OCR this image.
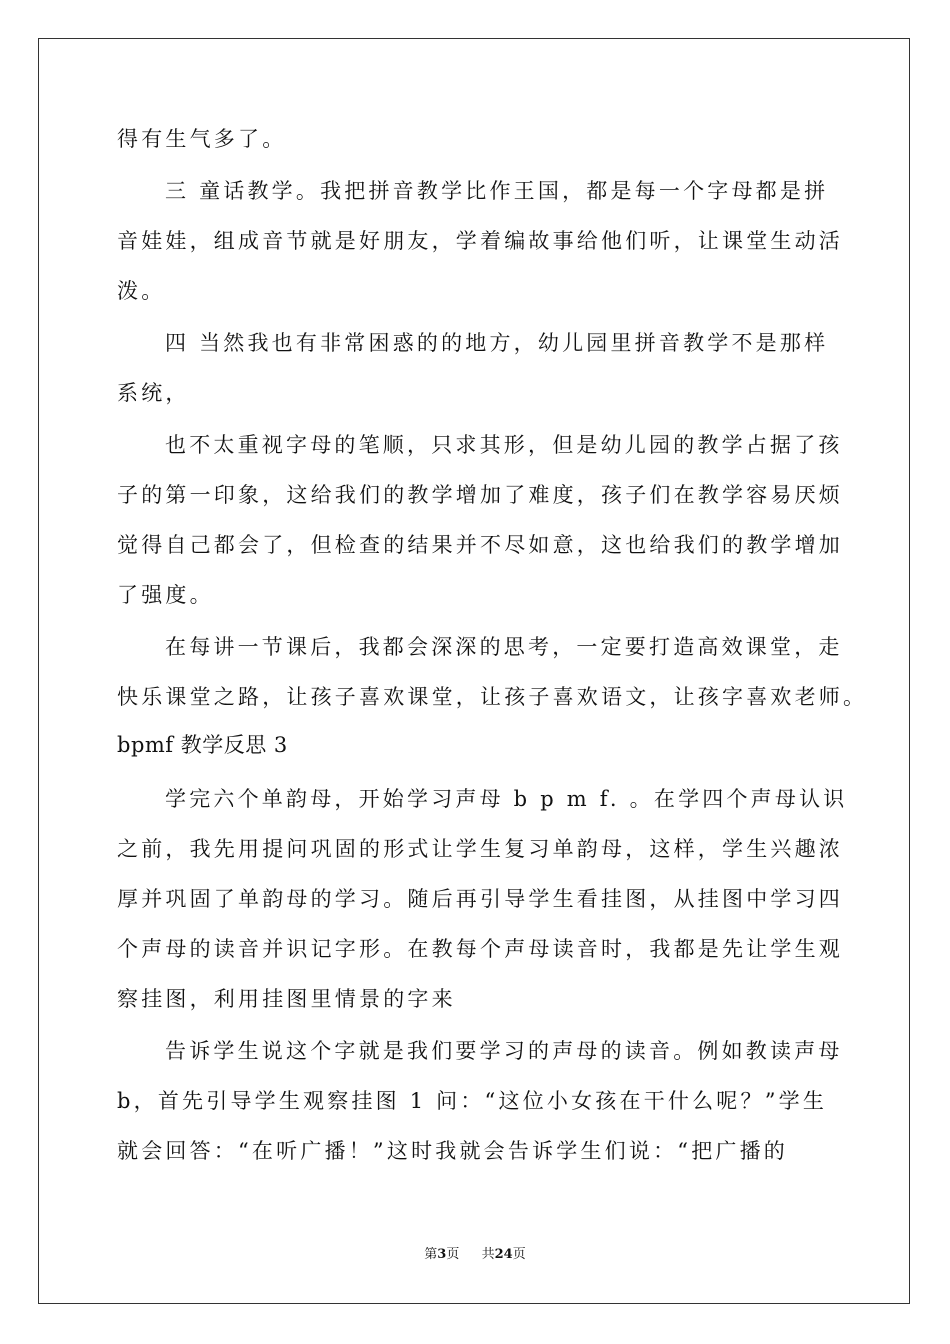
得有生气多了。
三 童话教学。我把拼音教学比作王国，都是每一个字母都是拼
音娃娃，组成音节就是好朋友，学着编故事给他们听，让课堂生动活
泼。
四 当然我也有非常困惑的的地方，幼儿园里拼音教学不是那样
系统，
也不太重视字母的笔顺，只求其形，但是幼儿园的教学占据了孩
子的第一印象，这给我们的教学增加了难度，孩子们在教学容易厌烦
觉得自己都会了，但检查的结果并不尽如意，这也给我们的教学增加
了强度。
在每讲一节课后，我都会深深的思考，一定要打造高效课堂，走
快乐课堂之路，让孩子喜欢课堂，让孩子喜欢语文，让孩字喜欢老师。
bpmf 教学反思 3
学完六个单韵母，开始学习声母 b p m f. 。在学四个声母认识
之前，我先用提问巩固的形式让学生复习单韵母，这样，学生兴趣浓
厚并巩固了单韵母的学习。随后再引导学生看挂图，从挂图中学习四
个声母的读音并识记字形。在教每个声母读音时，我都是先让学生观
察挂图，利用挂图里情景的字来
告诉学生说这个字就是我们要学习的声母的读音。例如教读声母
b，首先引导学生观察挂图 1 问：“这位小女孩在干什么呢？”学生
就会回答：“在听广播！”这时我就会告诉学生们说：“把广播的
第3页 共24页
